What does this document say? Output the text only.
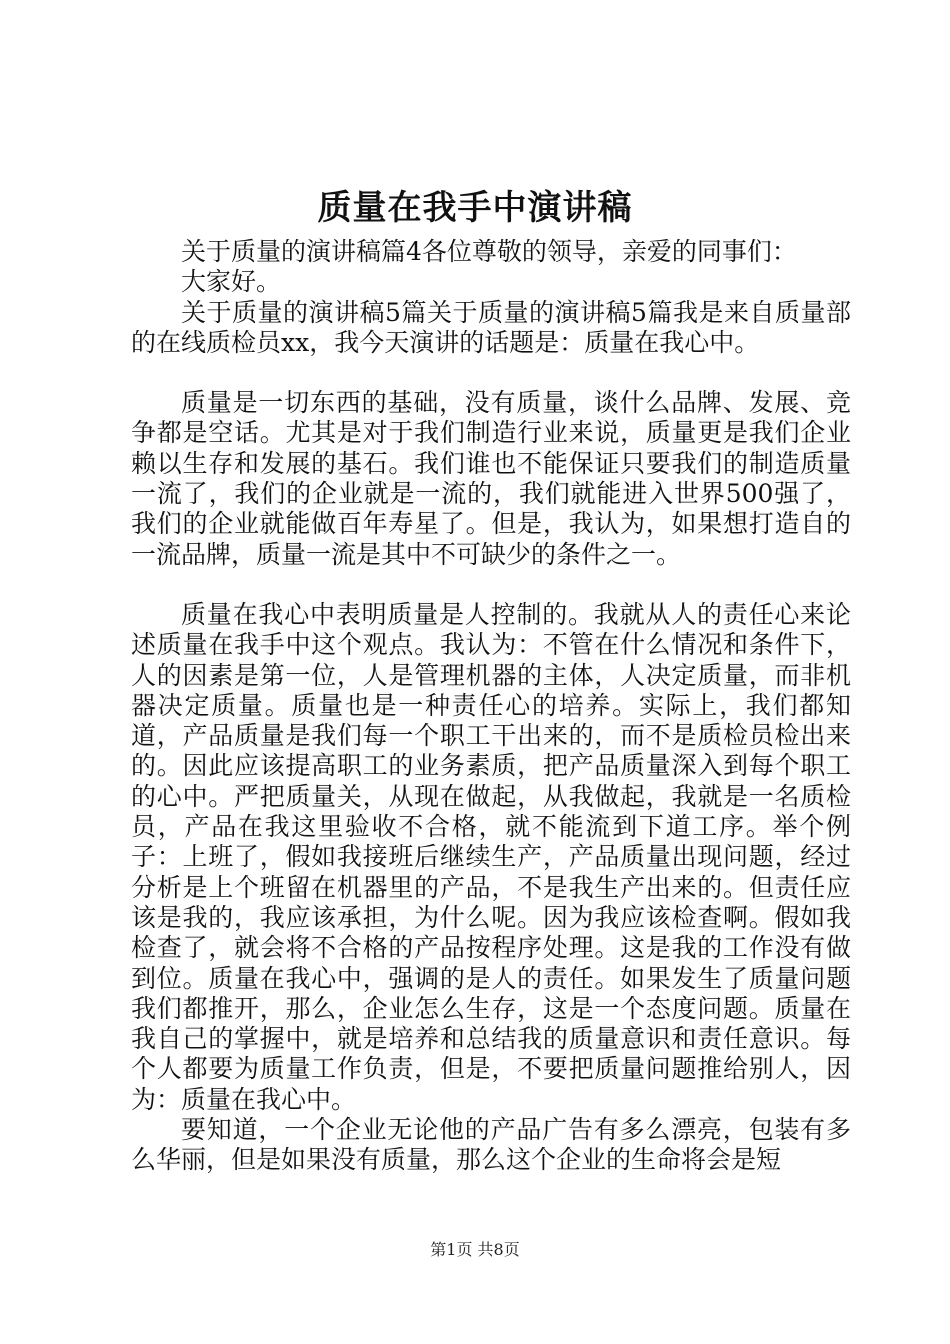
质量在我手中演讲稿

关于质量的演讲稿篇4各位尊敬的领导，亲爱的同事们：

大家好。

关于质量的演讲稿5篇关于质量的演讲稿5篇我是来自质量部的在线质检员xx，我今天演讲的话题是：质量在我心中。

质量是一切东西的基础，没有质量，谈什么品牌、发展、竞争都是空话。尤其是对于我们制造行业来说，质量更是我们企业赖以生存和发展的基石。我们谁也不能保证只要我们的制造质量一流了，我们的企业就是一流的，我们就能进入世界500强了，我们的企业就能做百年寿星了。但是，我认为，如果想打造自的一流品牌，质量一流是其中不可缺少的条件之一。

质量在我心中表明质量是人控制的。我就从人的责任心来论述质量在我手中这个观点。我认为：不管在什么情况和条件下，人的因素是第一位，人是管理机器的主体，人决定质量，而非机器决定质量。质量也是一种责任心的培养。实际上，我们都知道，产品质量是我们每一个职工干出来的，而不是质检员检出来的。因此应该提高职工的业务素质，把产品质量深入到每个职工的心中。严把质量关，从现在做起，从我做起，我就是一名质检员，产品在我这里验收不合格，就不能流到下道工序。举个例子：上班了，假如我接班后继续生产，产品质量出现问题，经过分析是上个班留在机器里的产品，不是我生产出来的。但责任应该是我的，我应该承担，为什么呢。因为我应该检查啊。假如我检查了，就会将不合格的产品按程序处理。这是我的工作没有做到位。质量在我心中，强调的是人的责任。如果发生了质量问题我们都推开，那么，企业怎么生存，这是一个态度问题。质量在我自己的掌握中，就是培养和总结我的质量意识和责任意识。每个人都要为质量工作负责，但是，不要把质量问题推给别人，因为：质量在我心中。

要知道，一个企业无论他的产品广告有多么漂亮，包装有多么华丽，但是如果没有质量，那么这个企业的生命将会是短

第1页 共8页
